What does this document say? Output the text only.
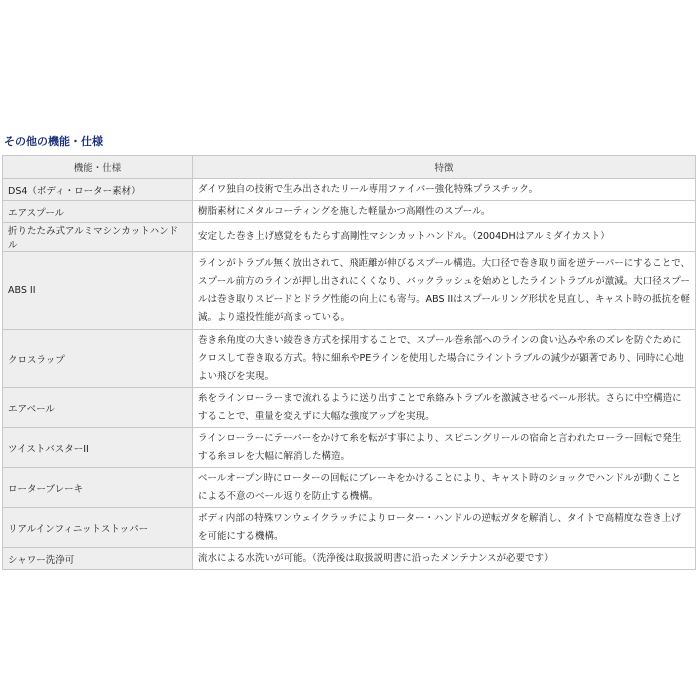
その他の機能・仕様
機能・仕様	特徴
DS4（ボディ・ローター素材）	ダイワ独自の技術で生み出されたリール専用ファイバー強化特殊プラスチック。
エアスプール	樹脂素材にメタルコーティングを施した軽量かつ高剛性のスプール。
折りたたみ式アルミマシンカットハンドル	安定した巻き上げ感覚をもたらす高剛性マシンカットハンドル。（2004DHはアルミダイカスト）
ABS II	ラインがトラブル無く放出されて、飛距離が伸びるスプール構造。大口径で巻き取り面を逆テーパーにすることで、スプール前方のラインが押し出されにくくなり、バックラッシュを始めとしたライントラブルが激減。大口径スプールは巻き取りスピードとドラグ性能の向上にも寄与。ABS IIはスプールリング形状を見直し、キャスト時の抵抗を軽減。より遠投性能が高まっている。
クロスラップ	巻き糸角度の大きい綾巻き方式を採用することで、スプール巻糸部へのラインの食い込みや糸のズレを防ぐためにクロスして巻き取る方式。特に細糸やPEラインを使用した場合にライントラブルの減少が顕著であり、同時に心地よい飛びを実現。
エアベール	糸をラインローラーまで流れるように送り出すことで糸絡みトラブルを激減させるベール形状。さらに中空構造にすることで、重量を変えずに大幅な強度アップを実現。
ツイストバスターII	ラインローラーにテーパーをかけて糸を転がす事により、スピニングリールの宿命と言われたローラー回転で発生する糸ヨレを大幅に解消した構造。
ローターブレーキ	ベールオープン時にローターの回転にブレーキをかけることにより、キャスト時のショックでハンドルが動くことによる不意のベール返りを防止する機構。
リアルインフィニットストッパー	ボディ内部の特殊ワンウェイクラッチによりローター・ハンドルの逆転ガタを解消し、タイトで高精度な巻き上げを可能にする機構。
シャワー洗浄可	流水による水洗いが可能。（洗浄後は取扱説明書に沿ったメンテナンスが必要です）
